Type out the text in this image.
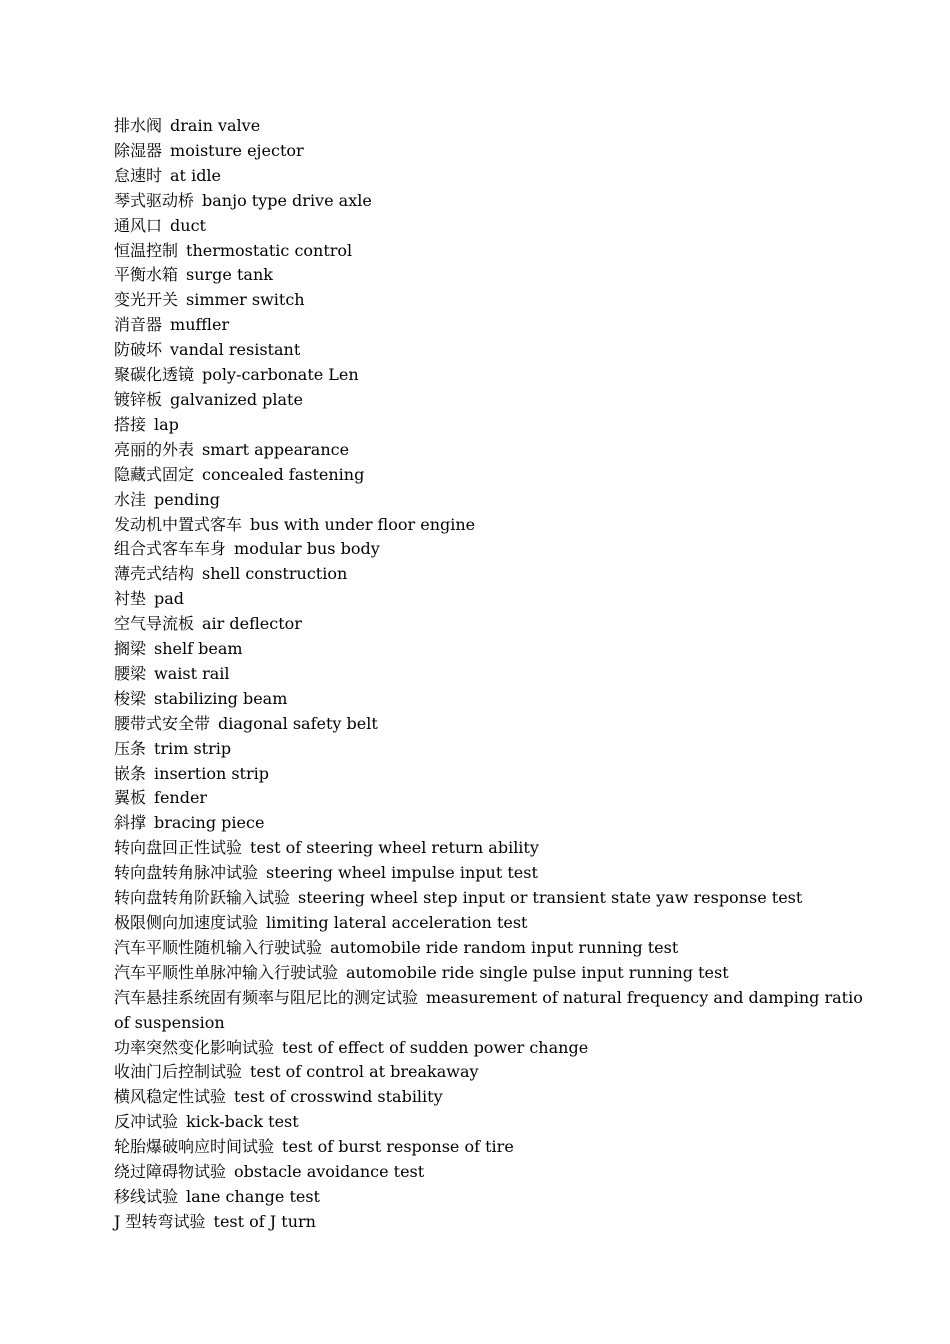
排水阀 drain valve
除湿器 moisture ejector
怠速时 at idle
琴式驱动桥 banjo type drive axle
通风口 duct
恒温控制 thermostatic control
平衡水箱 surge tank
变光开关 simmer switch
消音器 muffler
防破坏 vandal resistant
聚碳化透镜 poly-carbonate Len
镀锌板 galvanized plate
搭接 lap
亮丽的外表 smart appearance
隐藏式固定 concealed fastening
水洼 pending
发动机中置式客车 bus with under floor engine
组合式客车车身 modular bus body
薄壳式结构 shell construction
衬垫 pad
空气导流板 air deflector
搁梁 shelf beam
腰梁 waist rail
梭梁 stabilizing beam
腰带式安全带 diagonal safety belt
压条 trim strip
嵌条 insertion strip
翼板 fender
斜撑 bracing piece
转向盘回正性试验 test of steering wheel return ability
转向盘转角脉冲试验 steering wheel impulse input test
转向盘转角阶跃输入试验 steering wheel step input or transient state yaw response test
极限侧向加速度试验 limiting lateral acceleration test
汽车平顺性随机输入行驶试验 automobile ride random input running test
汽车平顺性单脉冲输入行驶试验 automobile ride single pulse input running test
汽车悬挂系统固有频率与阻尼比的测定试验 measurement of natural frequency and damping ratio of suspension
功率突然变化影响试验 test of effect of sudden power change
收油门后控制试验 test of control at breakaway
横风稳定性试验 test of crosswind stability
反冲试验 kick-back test
轮胎爆破响应时间试验 test of burst response of tire
绕过障碍物试验 obstacle avoidance test
移线试验 lane change test
J 型转弯试验 test of J turn
